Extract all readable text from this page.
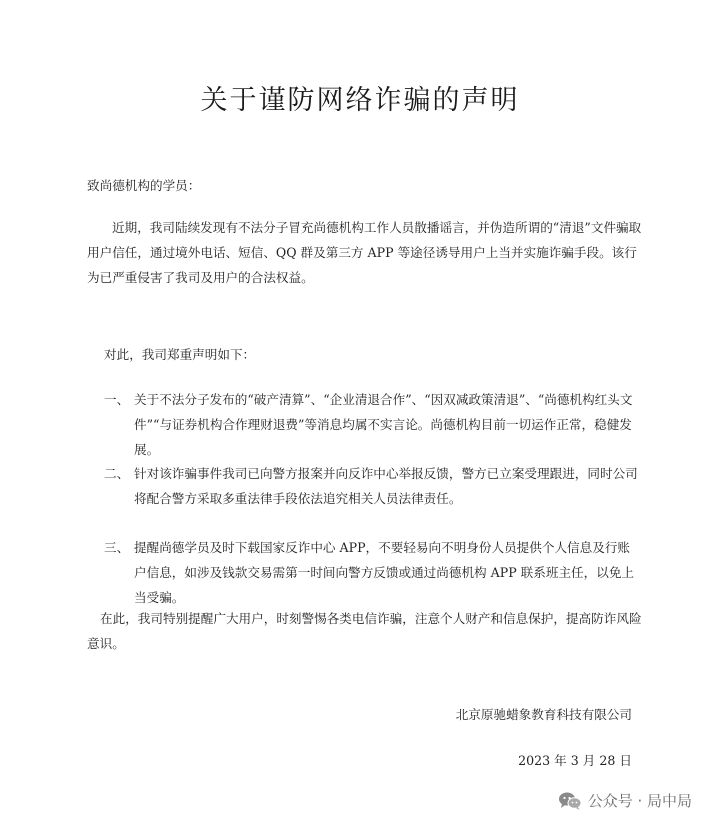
关于谨防网络诈骗的声明

致尚德机构的学员：

近期，我司陆续发现有不法分子冒充尚德机构工作人员散播谣言，并伪造所谓的“清退”文件骗取用户信任，通过境外电话、短信、QQ 群及第三方 APP 等途径诱导用户上当并实施诈骗手段。该行为已严重侵害了我司及用户的合法权益。

对此，我司郑重声明如下：

一、 关于不法分子发布的“破产清算”、“企业清退合作”、“因双减政策清退”、“尚德机构红头文件”“与证券机构合作理财退费”等消息均属不实言论。尚德机构目前一切运作正常，稳健发展。
二、 针对该诈骗事件我司已向警方报案并向反诈中心举报反馈，警方已立案受理跟进，同时公司将配合警方采取多重法律手段依法追究相关人员法律责任。
三、 提醒尚德学员及时下载国家反诈中心 APP，不要轻易向不明身份人员提供个人信息及行账户信息，如涉及钱款交易需第一时间向警方反馈或通过尚德机构 APP 联系班主任，以免上当受骗。

在此，我司特别提醒广大用户，时刻警惕各类电信诈骗，注意个人财产和信息保护，提高防诈风险意识。

北京原驰蜡象教育科技有限公司

2023 年 3 月 28 日

公众号 · 局中局
